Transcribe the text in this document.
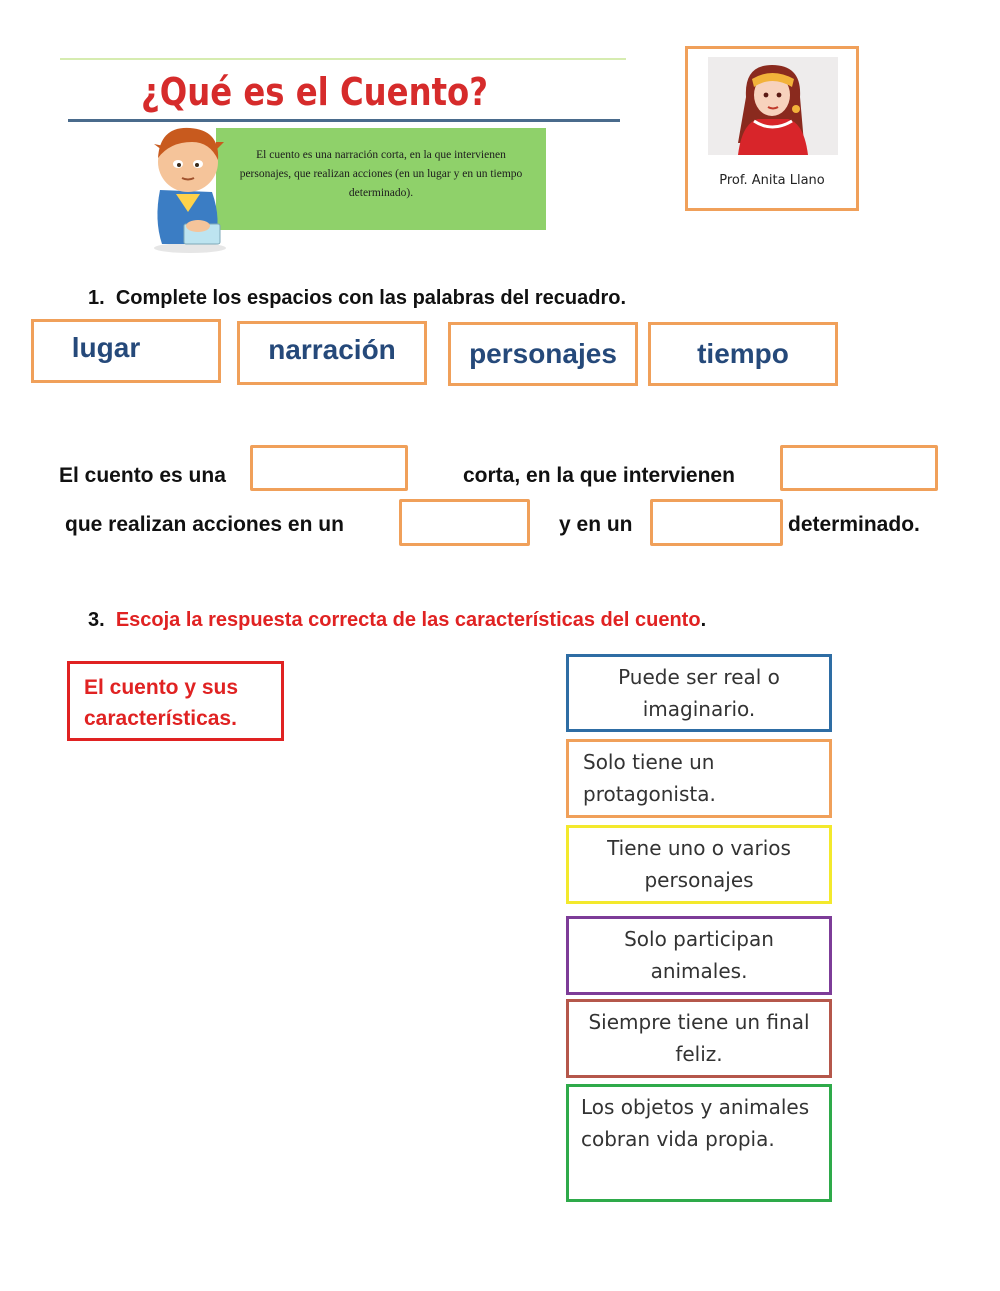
¿Qué es el Cuento?
El cuento es una narración corta, en la que intervienen personajes, que realizan acciones (en un lugar y en un tiempo determinado).
Prof. Anita Llano
1. Complete los espacios con las palabras del recuadro.
lugar	narración	personajes	tiempo
El cuento es una	corta, en la que intervienen
que realizan acciones en un	y en un	determinado.
3. Escoja la respuesta correcta de las características del cuento.
El cuento y sus características.
Puede ser real o imaginario.
Solo tiene un protagonista.
Tiene uno o varios personajes
Solo participan animales.
Siempre tiene un final feliz.
Los objetos y animales cobran vida propia.
